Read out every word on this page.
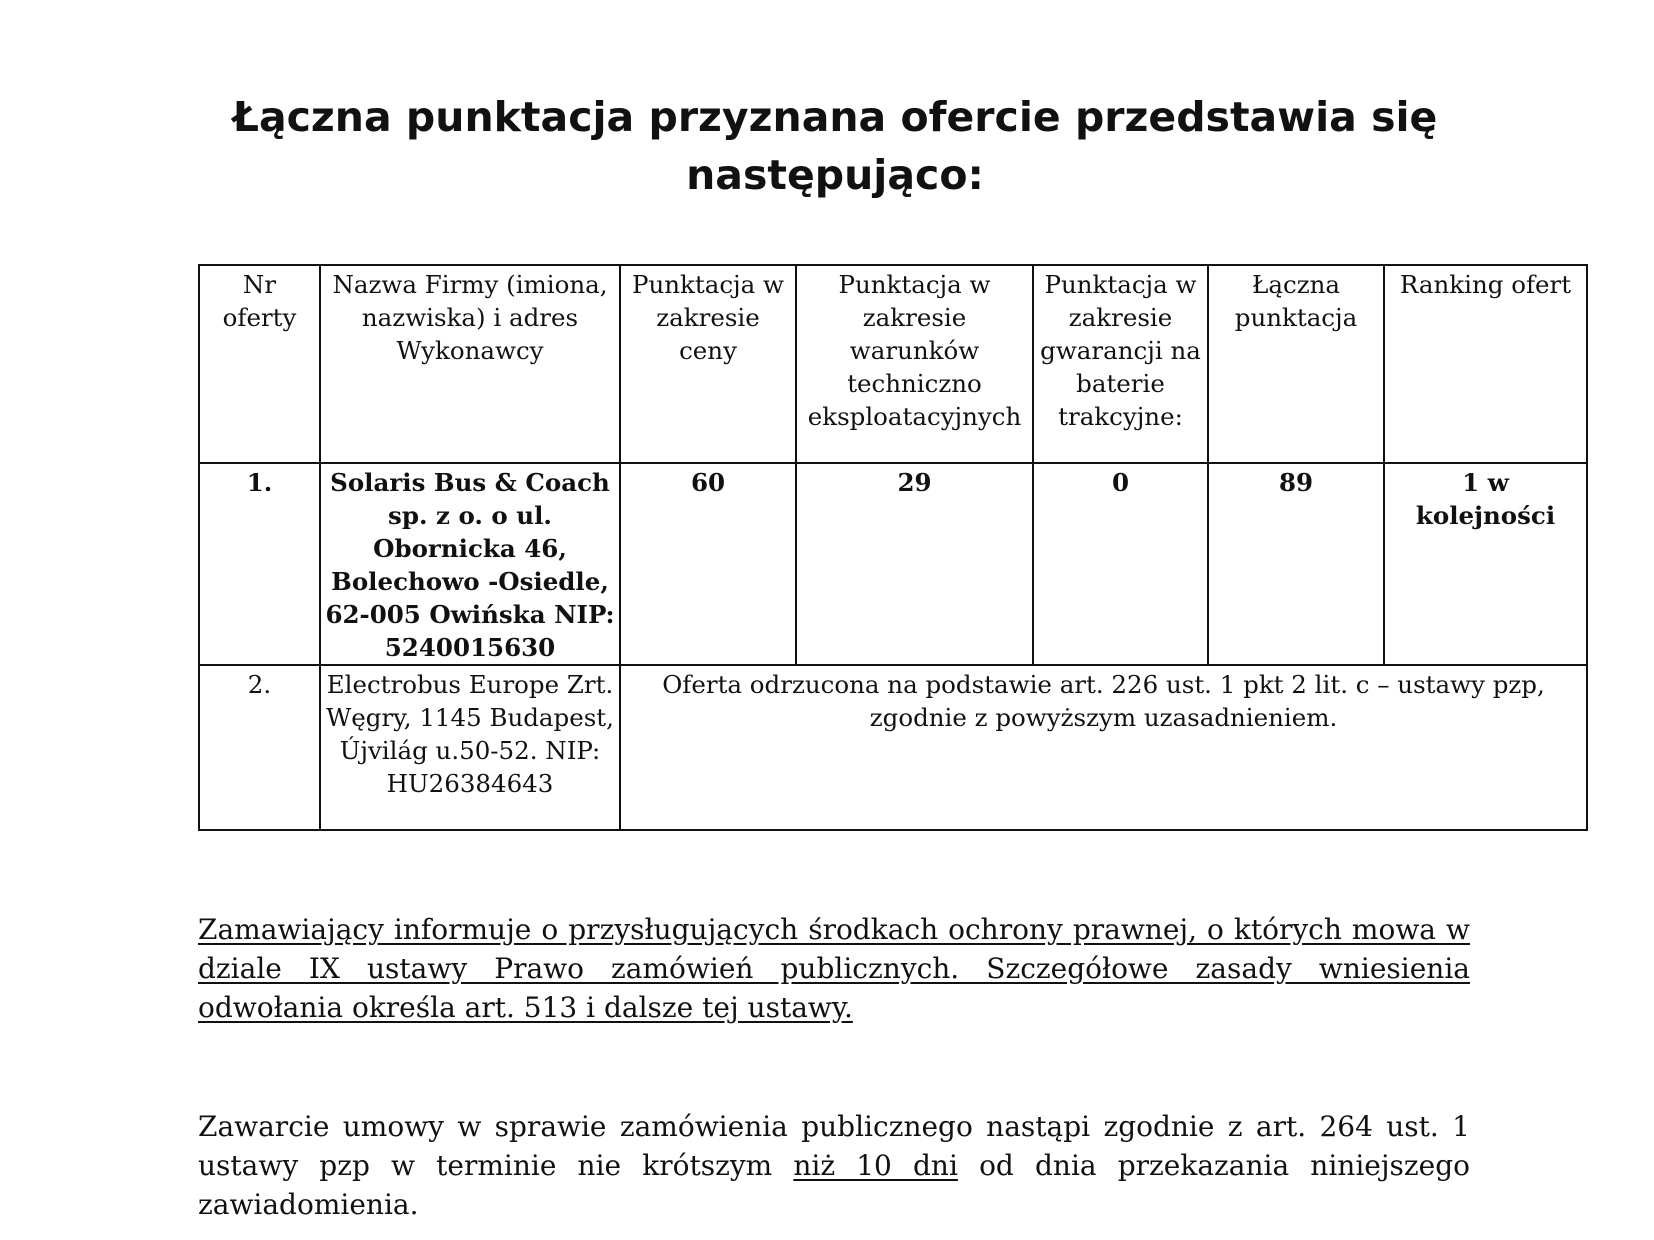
Łączna punktacja przyznana ofercie przedstawia się następująco:
Nr oferty	Nazwa Firmy (imiona, nazwiska) i adres Wykonawcy	Punktacja w zakresie ceny	Punktacja w zakresie warunków techniczno eksploatacyjnych	Punktacja w zakresie gwarancji na baterie trakcyjne:	Łączna punktacja	Ranking ofert
1.	Solaris Bus & Coach sp. z o. o ul. Obornicka 46, Bolechowo -Osiedle, 62-005 Owińska NIP: 5240015630	60	29	0	89	1 w kolejności
2.	Electrobus Europe Zrt. Węgry, 1145 Budapest, Újvilág u.50-52. NIP: HU26384643	Oferta odrzucona na podstawie art. 226 ust. 1 pkt 2 lit. c – ustawy pzp, zgodnie z powyższym uzasadnieniem.				

Zamawiający informuje o przysługujących środkach ochrony prawnej, o których mowa w dziale IX ustawy Prawo zamówień publicznych. Szczegółowe zasady wniesienia odwołania określa art. 513 i dalsze tej ustawy.

Zawarcie umowy w sprawie zamówienia publicznego nastąpi zgodnie z art. 264 ust. 1 ustawy pzp w terminie nie krótszym niż 10 dni od dnia przekazania niniejszego zawiadomienia.
